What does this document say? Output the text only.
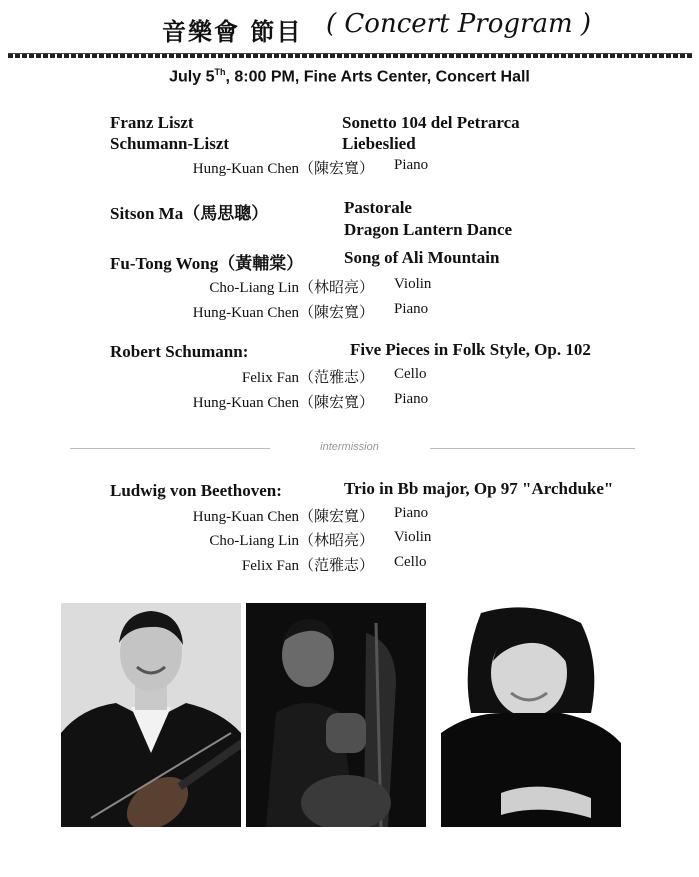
音樂會 節目 ( Concert Program )
July 5Th, 8:00 PM, Fine Arts Center, Concert Hall
Franz Liszt	Sonetto 104 del Petrarca
Schumann-Liszt	Liebeslied
Hung-Kuan Chen（陳宏寬） Piano
Sitson Ma（馬思聰）	Pastorale
Dragon Lantern Dance
Fu-Tong Wong（黃輔棠） Song of Ali Mountain
Cho-Liang Lin（林昭亮） Violin
Hung-Kuan Chen（陳宏寬） Piano
Robert Schumann:	Five Pieces in Folk Style, Op. 102
Felix Fan（范雅志） Cello
Hung-Kuan Chen（陳宏寬） Piano
intermission
Ludwig von Beethoven:	Trio in Bb major, Op 97 "Archduke"
Hung-Kuan Chen（陳宏寬） Piano
Cho-Liang Lin（林昭亮） Violin
Felix Fan（范雅志） Cello
